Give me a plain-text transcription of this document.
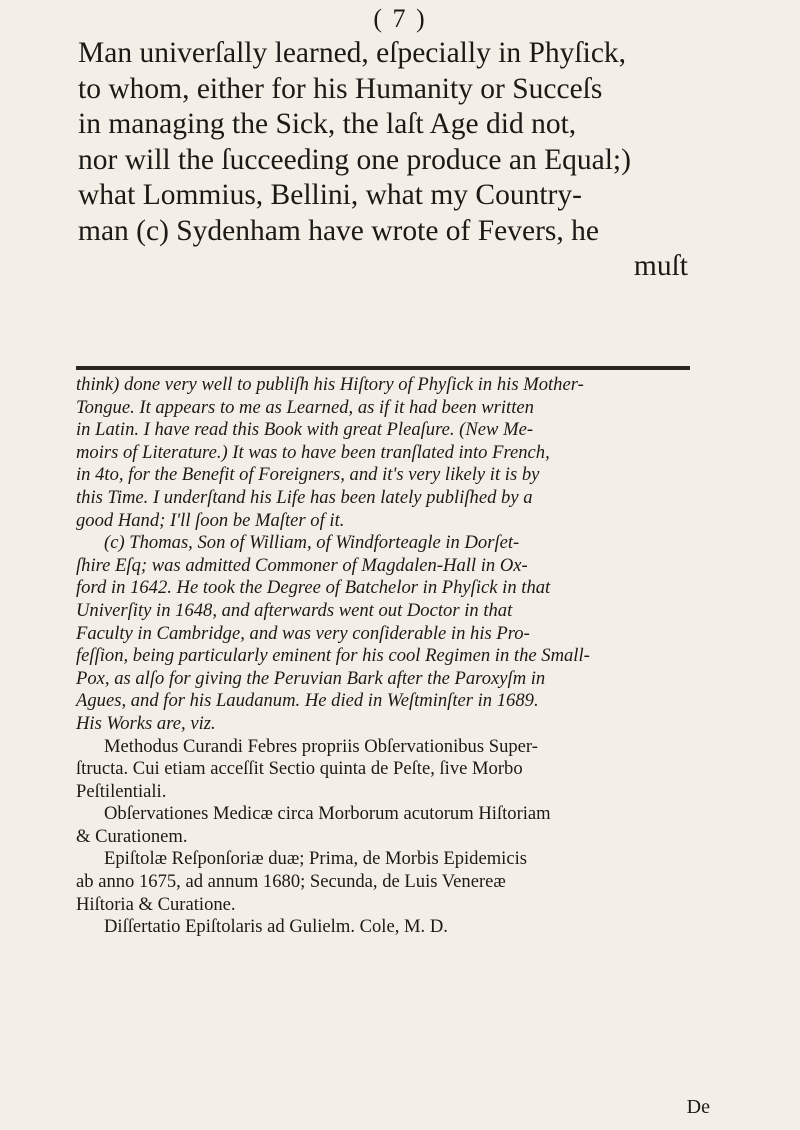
( 7 )
Man univerſally learned, eſpecially in Phyſick,
to whom, either for his Humanity or Succeſs
in managing the Sick, the laſt Age did not,
nor will the ſucceeding one produce an Equal;)
what Lommius, Bellini, what my Country-
man (c) Sydenham have wrote of Fevers, he
muſt
think) done very well to publiſh his Hiſtory of Phyſick in his Mother-
Tongue. It appears to me as Learned, as if it had been written
in Latin. I have read this Book with great Pleaſure. (New Me-
moirs of Literature.) It was to have been tranſlated into French,
in 4to, for the Benefit of Foreigners, and it's very likely it is by
this Time. I underſtand his Life has been lately publiſhed by a
good Hand; I'll ſoon be Maſter of it.
(c) Thomas, Son of William, of Windforteagle in Dorſet-
ſhire Eſq; was admitted Commoner of Magdalen-Hall in Ox-
ford in 1642. He took the Degree of Batchelor in Phyſick in that
Univerſity in 1648, and afterwards went out Doctor in that
Faculty in Cambridge, and was very conſiderable in his Pro-
feſſion, being particularly eminent for his cool Regimen in the Small-
Pox, as alſo for giving the Peruvian Bark after the Paroxyſm in
Agues, and for his Laudanum. He died in Weſtminſter in 1689.
His Works are, viz.
Methodus Curandi Febres propriis Obſervationibus Super-
ſtructa. Cui etiam acceſſit Sectio quinta de Peſte, ſive Morbo
Peſtilentiali.
Obſervationes Medicæ circa Morborum acutorum Hiſtoriam
& Curationem.
Epiſtolæ Reſponſoriæ duæ; Prima, de Morbis Epidemicis
ab anno 1675, ad annum 1680; Secunda, de Luis Venereæ
Hiſtoria & Curatione.
Diſſertatio Epiſtolaris ad Gulielm. Cole, M. D.
De
